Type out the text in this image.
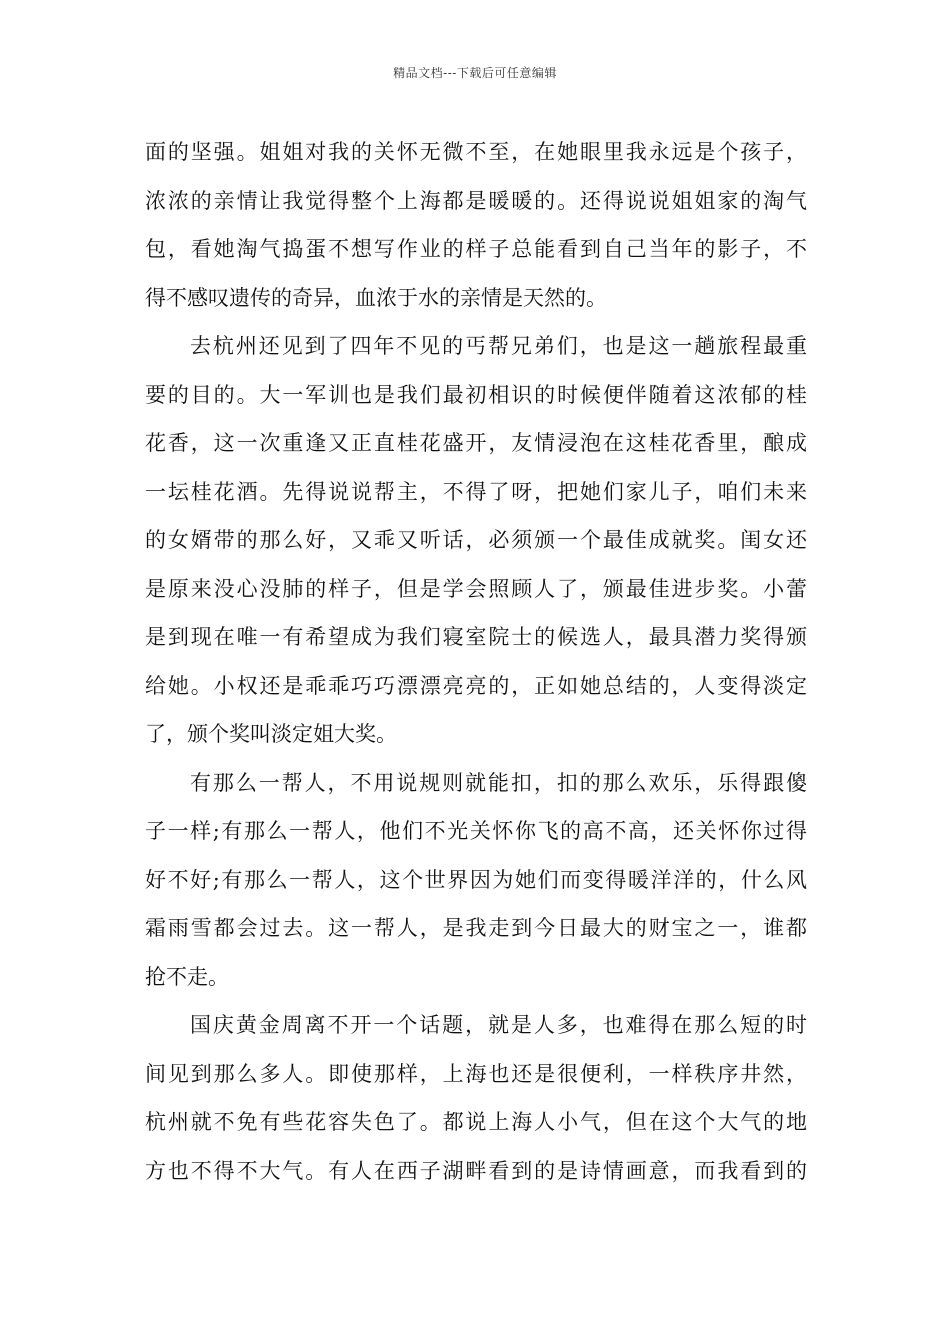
精品文档---下载后可任意编辑
面的坚强。姐姐对我的关怀无微不至，在她眼里我永远是个孩子，
浓浓的亲情让我觉得整个上海都是暖暖的。还得说说姐姐家的淘气
包，看她淘气捣蛋不想写作业的样子总能看到自己当年的影子，不
得不感叹遗传的奇异，血浓于水的亲情是天然的。
去杭州还见到了四年不见的丐帮兄弟们，也是这一趟旅程最重
要的目的。大一军训也是我们最初相识的时候便伴随着这浓郁的桂
花香，这一次重逢又正直桂花盛开，友情浸泡在这桂花香里，酿成
一坛桂花酒。先得说说帮主，不得了呀，把她们家儿子，咱们未来
的女婿带的那么好，又乖又听话，必须颁一个最佳成就奖。闺女还
是原来没心没肺的样子，但是学会照顾人了，颁最佳进步奖。小蕾
是到现在唯一有希望成为我们寝室院士的候选人，最具潜力奖得颁
给她。小权还是乖乖巧巧漂漂亮亮的，正如她总结的，人变得淡定
了，颁个奖叫淡定姐大奖。
有那么一帮人，不用说规则就能扣，扣的那么欢乐，乐得跟傻
子一样;有那么一帮人，他们不光关怀你飞的高不高，还关怀你过得
好不好;有那么一帮人，这个世界因为她们而变得暖洋洋的，什么风
霜雨雪都会过去。这一帮人，是我走到今日最大的财宝之一，谁都
抢不走。
国庆黄金周离不开一个话题，就是人多，也难得在那么短的时
间见到那么多人。即使那样，上海也还是很便利，一样秩序井然，
杭州就不免有些花容失色了。都说上海人小气，但在这个大气的地
方也不得不大气。有人在西子湖畔看到的是诗情画意，而我看到的
